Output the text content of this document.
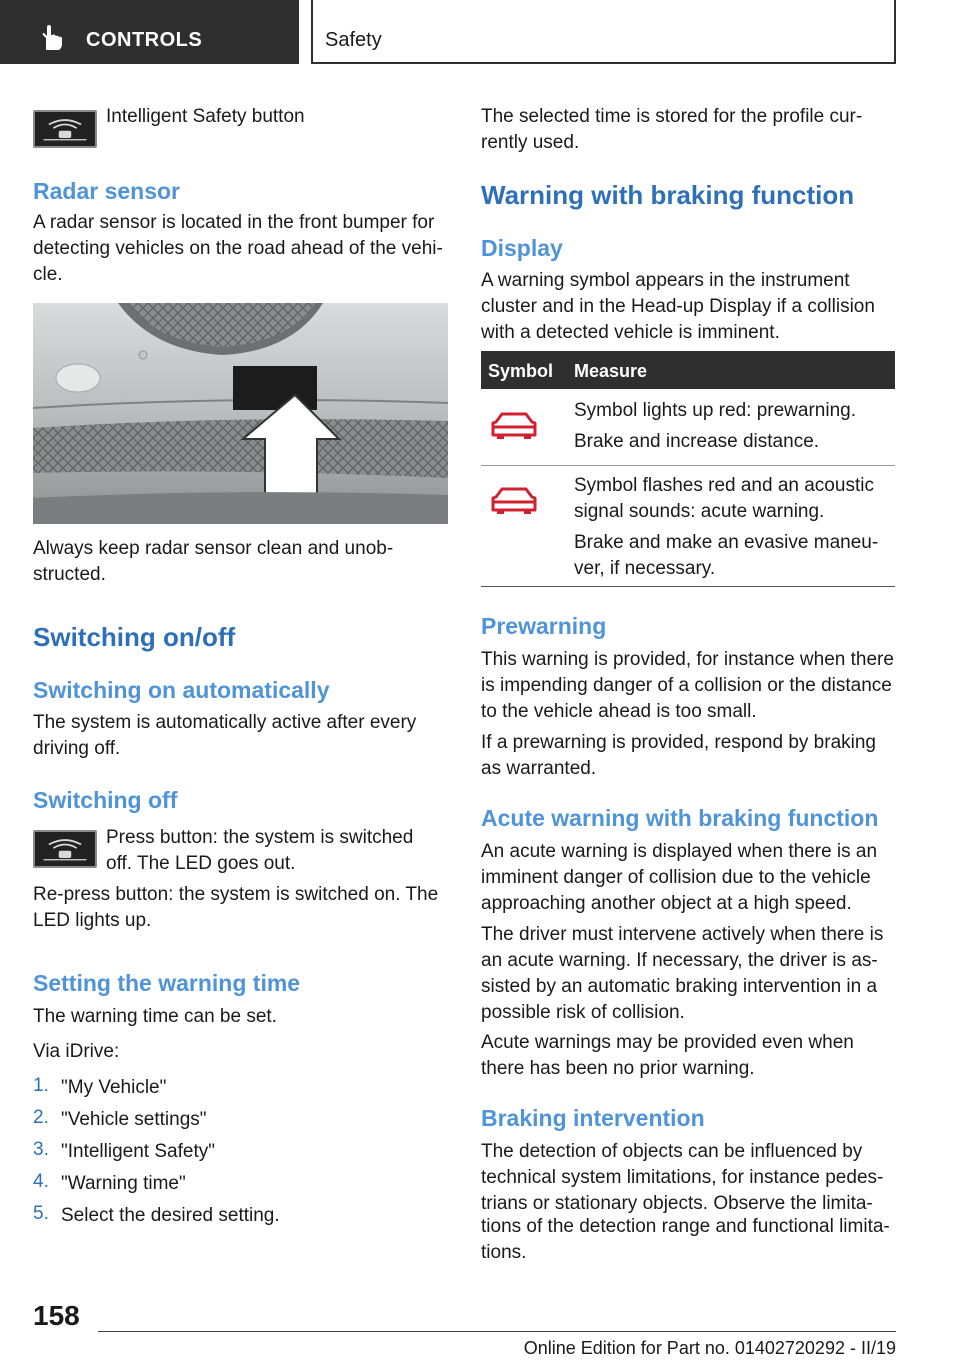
CONTROLS	Safety
Intelligent Safety button
Radar sensor
A radar sensor is located in the front bumper for
detecting vehicles on the road ahead of the vehi‐
cle.
Always keep radar sensor clean and unob‐
structed.
Switching on/off
Switching on automatically
The system is automatically active after every
driving off.
Switching off
Press button: the system is switched
off. The LED goes out.
Re-press button: the system is switched on. The
LED lights up.
Setting the warning time
The warning time can be set.
Via iDrive:
1. "My Vehicle"
2. "Vehicle settings"
3. "Intelligent Safety"
4. "Warning time"
5. Select the desired setting.
The selected time is stored for the profile cur‐
rently used.
Warning with braking function
Display
A warning symbol appears in the instrument
cluster and in the Head-up Display if a collision
with a detected vehicle is imminent.
Symbol Measure
Symbol lights up red: prewarning.
Brake and increase distance.
Symbol flashes red and an acoustic
signal sounds: acute warning.
Brake and make an evasive maneu‐
ver, if necessary.
Prewarning
This warning is provided, for instance when there
is impending danger of a collision or the distance
to the vehicle ahead is too small.
If a prewarning is provided, respond by braking
as warranted.
Acute warning with braking function
An acute warning is displayed when there is an
imminent danger of collision due to the vehicle
approaching another object at a high speed.
The driver must intervene actively when there is
an acute warning. If necessary, the driver is as‐
sisted by an automatic braking intervention in a
possible risk of collision.
Acute warnings may be provided even when
there has been no prior warning.
Braking intervention
The detection of objects can be influenced by
technical system limitations, for instance pedes‐
trians or stationary objects. Observe the limita‐
tions of the detection range and functional limita‐
tions.
158
Online Edition for Part no. 01402720292 - II/19
